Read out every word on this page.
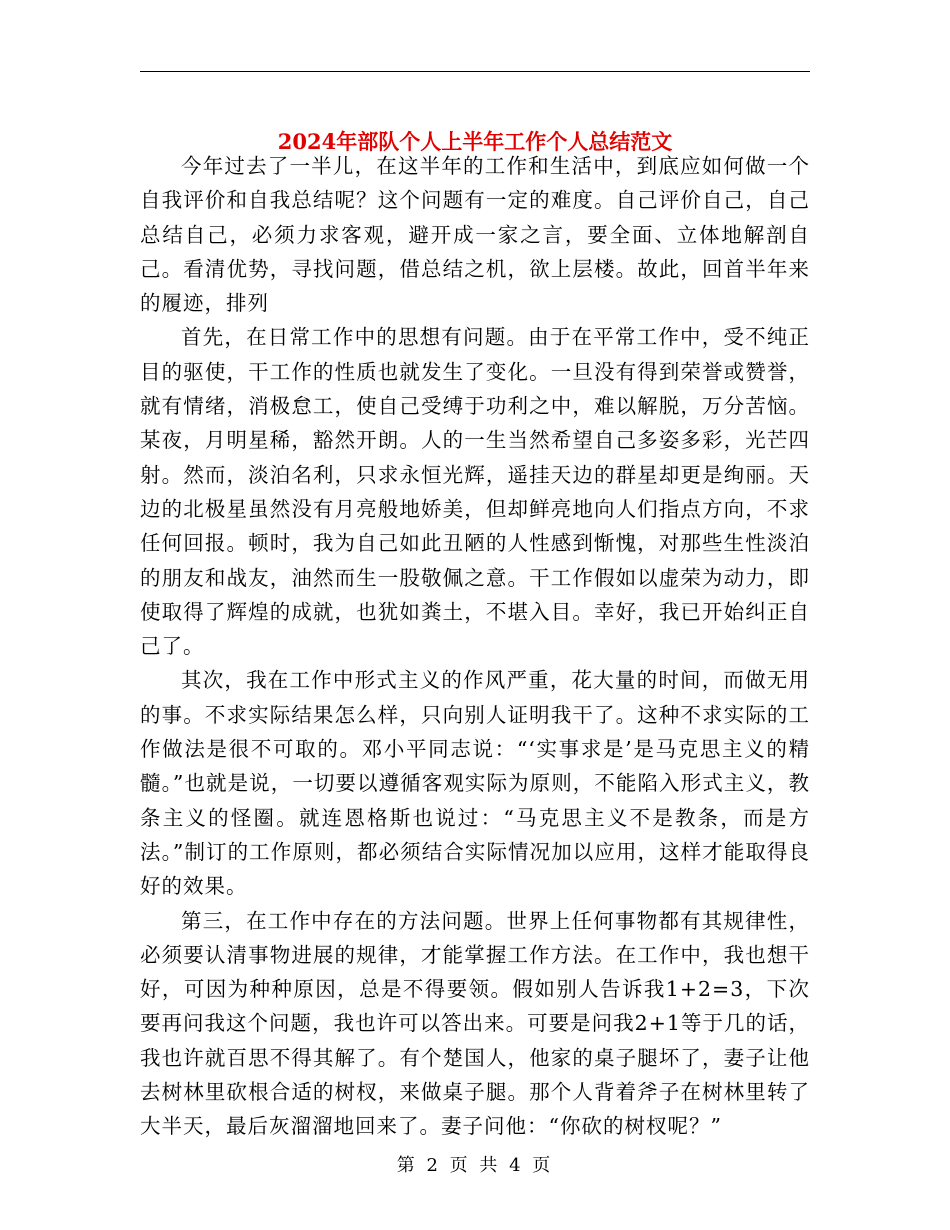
2024年部队个人上半年工作个人总结范文

今年过去了一半儿，在这半年的工作和生活中，到底应如何做一个自我评价和自我总结呢？这个问题有一定的难度。自己评价自己，自己总结自己，必须力求客观，避开成一家之言，要全面、立体地解剖自己。看清优势，寻找问题，借总结之机，欲上层楼。故此，回首半年来的履迹，排列

首先，在日常工作中的思想有问题。由于在平常工作中，受不纯正目的驱使，干工作的性质也就发生了变化。一旦没有得到荣誉或赞誉，就有情绪，消极怠工，使自己受缚于功利之中，难以解脱，万分苦恼。某夜，月明星稀，豁然开朗。人的一生当然希望自己多姿多彩，光芒四射。然而，淡泊名利，只求永恒光辉，遥挂天边的群星却更是绚丽。天边的北极星虽然没有月亮般地娇美，但却鲜亮地向人们指点方向，不求任何回报。顿时，我为自己如此丑陋的人性感到惭愧，对那些生性淡泊的朋友和战友，油然而生一股敬佩之意。干工作假如以虚荣为动力，即使取得了辉煌的成就，也犹如粪土，不堪入目。幸好，我已开始纠正自己了。

其次，我在工作中形式主义的作风严重，花大量的时间，而做无用的事。不求实际结果怎么样，只向别人证明我干了。这种不求实际的工作做法是很不可取的。邓小平同志说：“‘实事求是’是马克思主义的精髓。”也就是说，一切要以遵循客观实际为原则，不能陷入形式主义，教条主义的怪圈。就连恩格斯也说过：“马克思主义不是教条，而是方法。”制订的工作原则，都必须结合实际情况加以应用，这样才能取得良好的效果。

第三，在工作中存在的方法问题。世界上任何事物都有其规律性，必须要认清事物进展的规律，才能掌握工作方法。在工作中，我也想干好，可因为种种原因，总是不得要领。假如别人告诉我1+2=3，下次要再问我这个问题，我也许可以答出来。可要是问我2+1等于几的话，我也许就百思不得其解了。有个楚国人，他家的桌子腿坏了，妻子让他去树林里砍根合适的树杈，来做桌子腿。那个人背着斧子在树林里转了大半天，最后灰溜溜地回来了。妻子问他：“你砍的树杈呢？”

第 2 页 共 4 页
